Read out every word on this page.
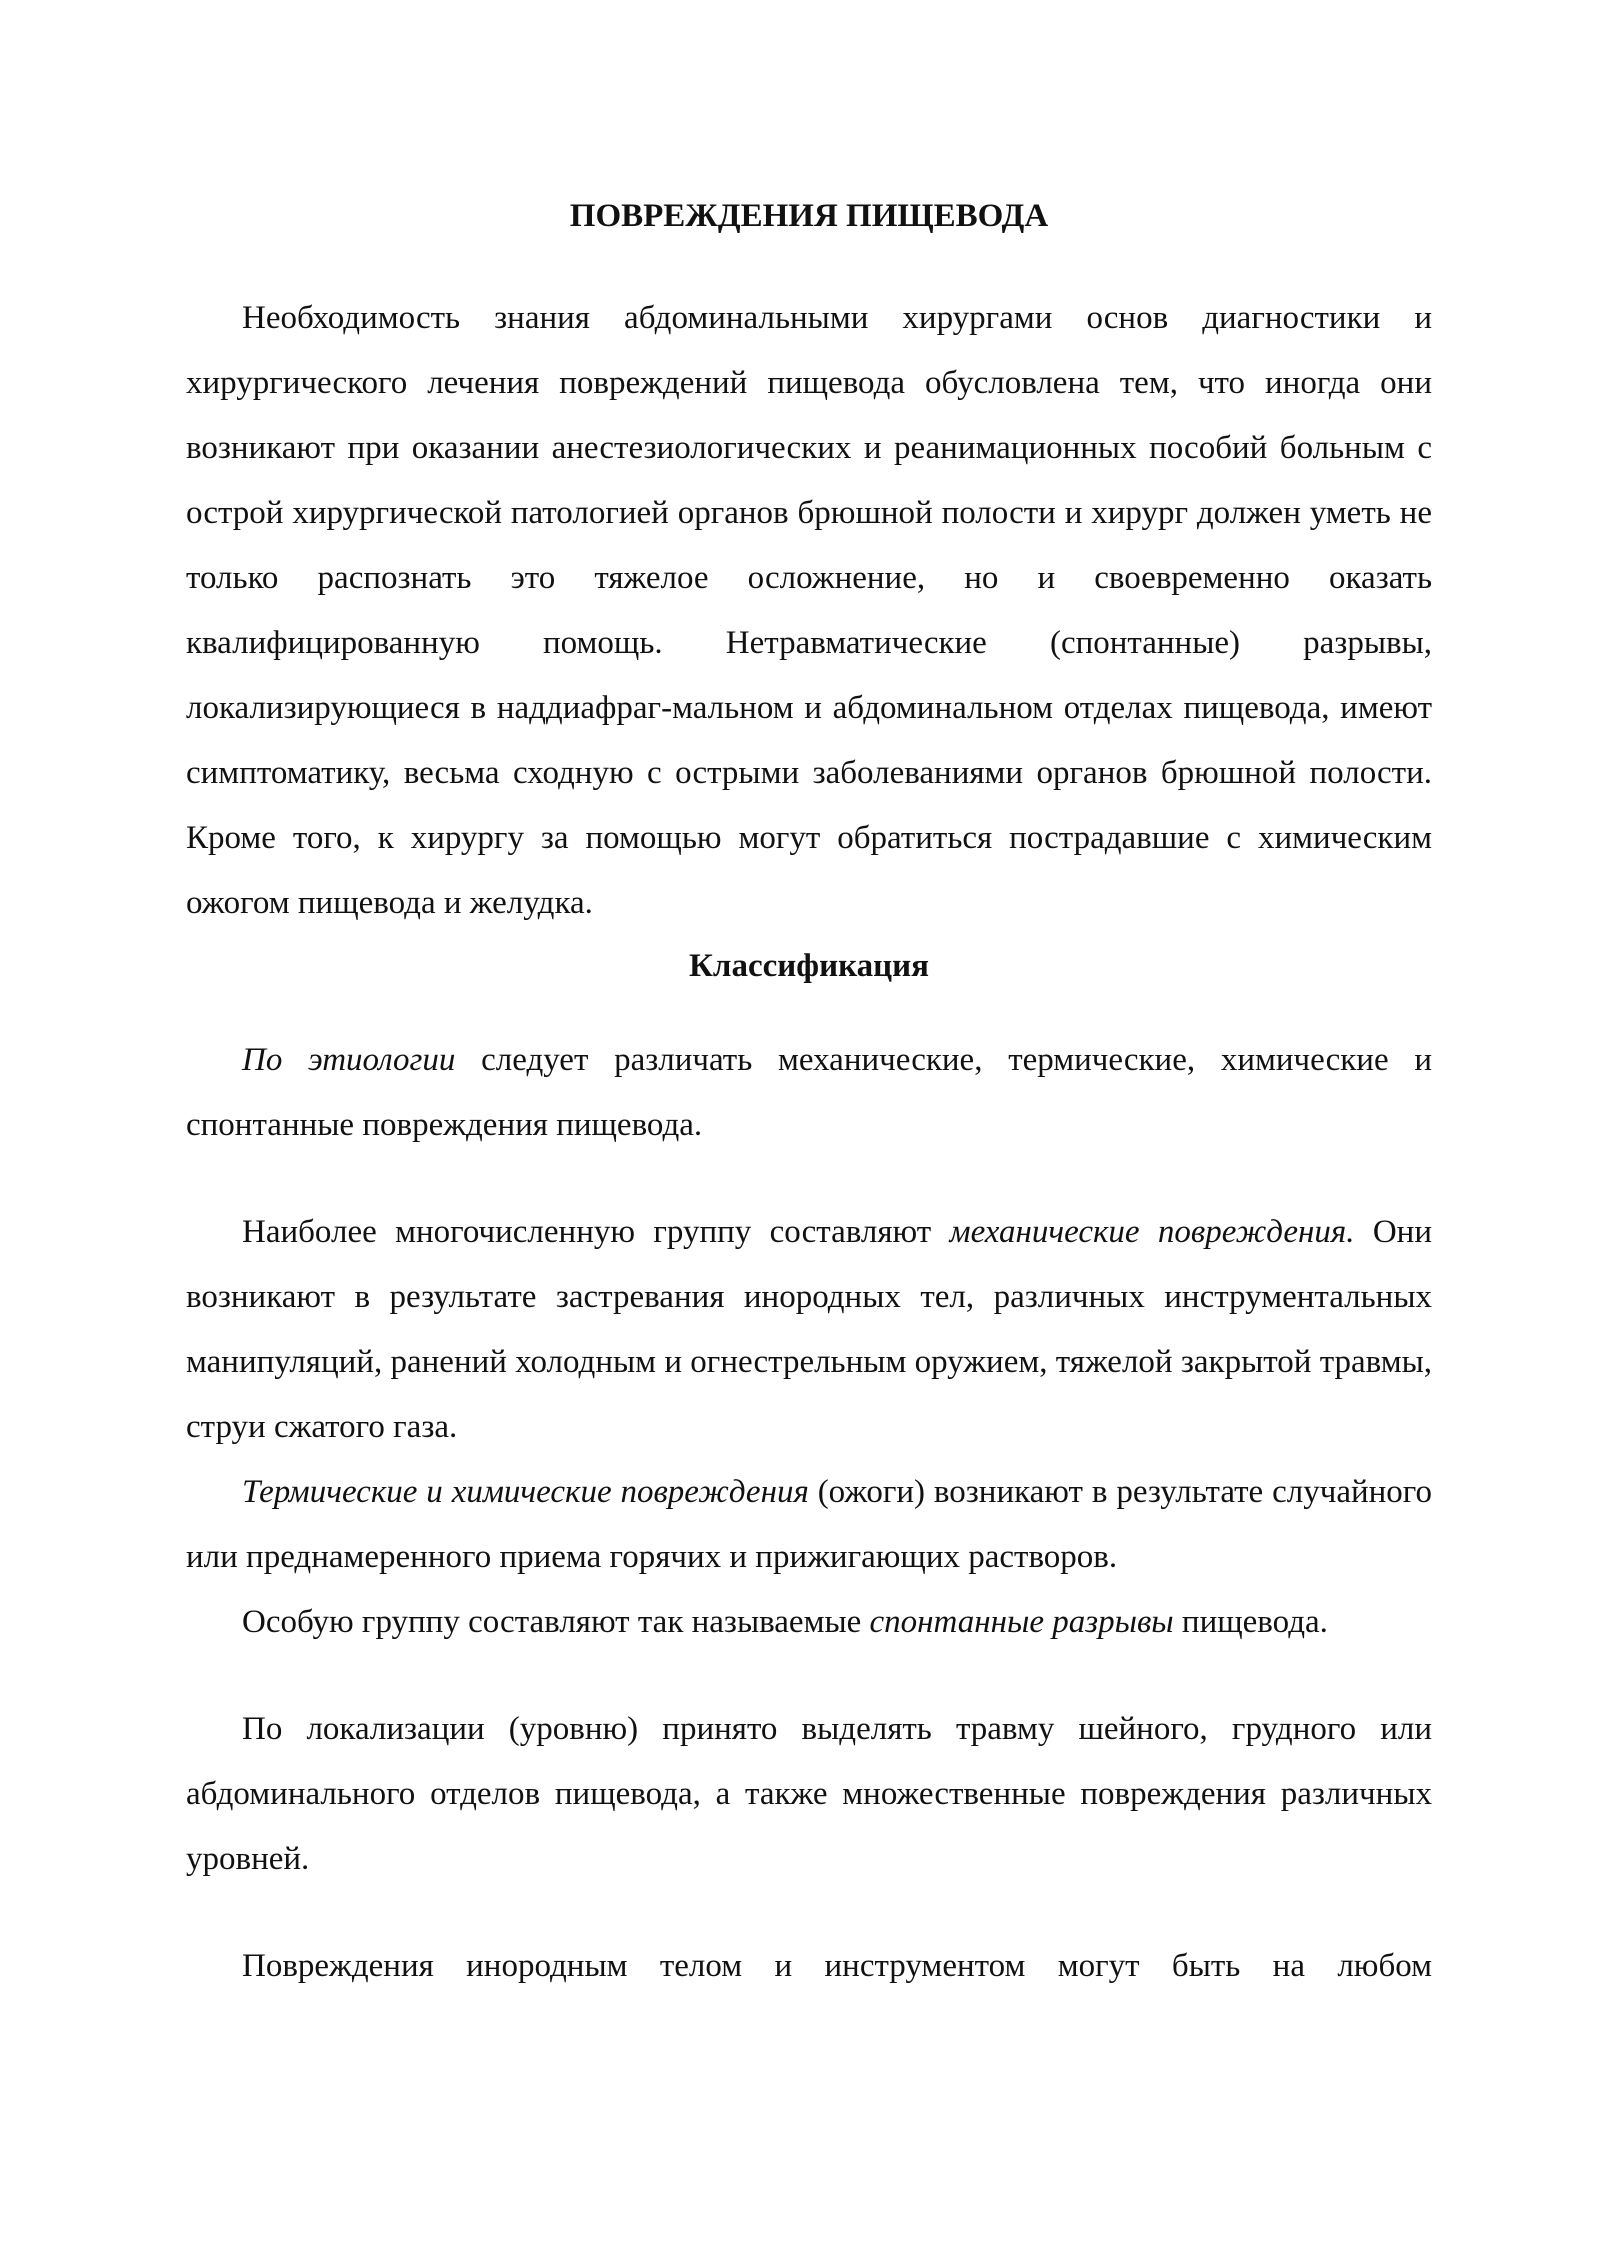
ПОВРЕЖДЕНИЯ ПИЩЕВОДА

Необходимость знания абдоминальными хирургами основ диагностики и хирургического лечения повреждений пищевода обусловлена тем, что иногда они возникают при оказании анестезиологических и реанимационных пособий больным с острой хирургической патологией органов брюшной полости и хирург должен уметь не только распознать это тяжелое осложнение, но и своевременно оказать квалифицированную помощь. Нетравматические (спонтанные) разрывы, локализирующиеся в наддиафраг-мальном и абдоминальном отделах пищевода, имеют симптоматику, весьма сходную с острыми заболеваниями органов брюшной полости. Кроме того, к хирургу за помощью могут обратиться пострадавшие с химическим ожогом пищевода и желудка.

Классификация

По этиологии следует различать механические, термические, химические и спонтанные повреждения пищевода.

Наиболее многочисленную группу составляют механические повреждения. Они возникают в результате застревания инородных тел, различных инструментальных манипуляций, ранений холодным и огнестрельным оружием, тяжелой закрытой травмы, струи сжатого газа.

Термические и химические повреждения (ожоги) возникают в результате случайного или преднамеренного приема горячих и прижигающих растворов.

Особую группу составляют так называемые спонтанные разрывы пищевода.

По локализации (уровню) принято выделять травму шейного, грудного или абдоминального отделов пищевода, а также множественные повреждения различных уровней.

Повреждения инородным телом и инструментом могут быть на любом
